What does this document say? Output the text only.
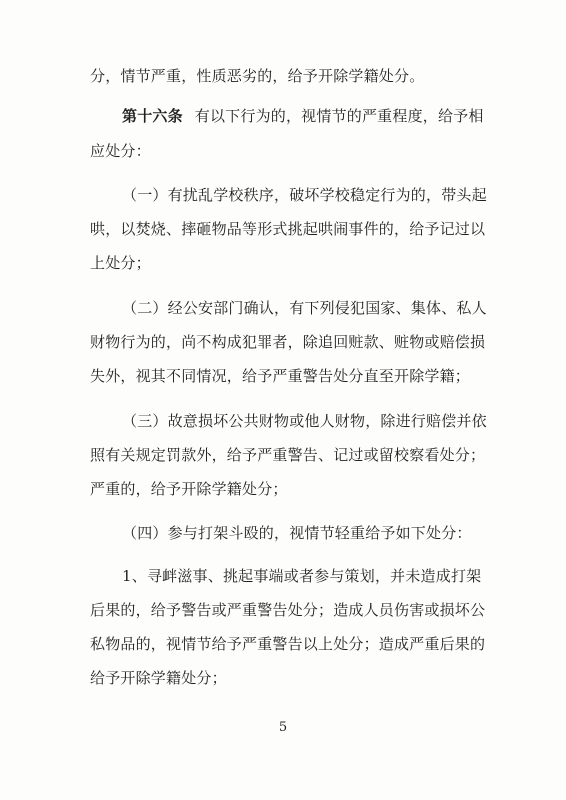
分，情节严重，性质恶劣的，给予开除学籍处分。
第十六条 有以下行为的，视情节的严重程度，给予相
应处分：
（一）有扰乱学校秩序，破坏学校稳定行为的，带头起
哄，以焚烧、摔砸物品等形式挑起哄闹事件的，给予记过以
上处分；
（二）经公安部门确认，有下列侵犯国家、集体、私人
财物行为的，尚不构成犯罪者，除追回赃款、赃物或赔偿损
失外，视其不同情况，给予严重警告处分直至开除学籍；
（三）故意损坏公共财物或他人财物，除进行赔偿并依
照有关规定罚款外，给予严重警告、记过或留校察看处分；
严重的，给予开除学籍处分；
（四）参与打架斗殴的，视情节轻重给予如下处分：
1、寻衅滋事、挑起事端或者参与策划，并未造成打架
后果的，给予警告或严重警告处分；造成人员伤害或损坏公
私物品的，视情节给予严重警告以上处分；造成严重后果的
给予开除学籍处分；
5
